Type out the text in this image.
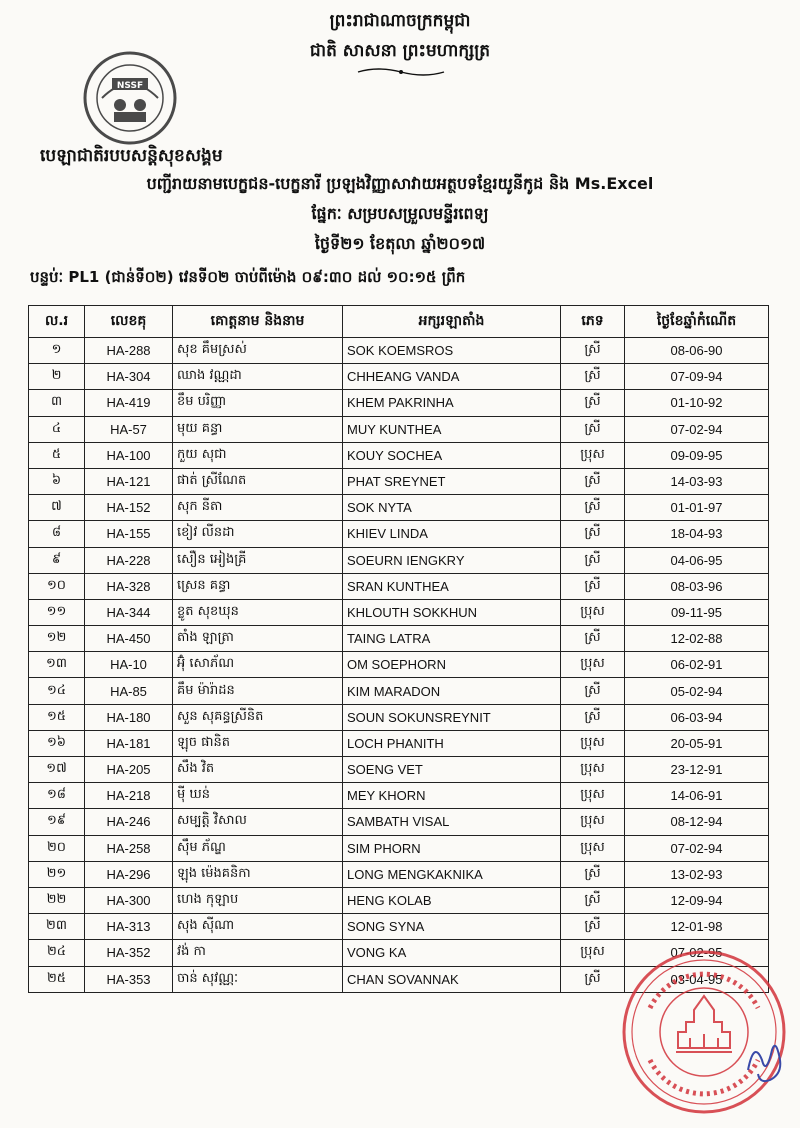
ព្រះរាជាណាចក្រកម្ពុជា
ជាតិ សាសនា ព្រះមហាក្សត្រ
NSSF
បេឡាជាតិរបបសន្តិសុខសង្គម
បញ្ជីរាយនាមបេក្ខជន-បេក្ខនារី ប្រឡងវិញ្ញាសាវាយអត្ថបទខ្មែរយូនីកូដ និង Ms.Excel
ផ្នែកៈ សម្របសម្រួលមន្ទីរពេទ្យ
ថ្ងៃទី២១ ខែតុលា ឆ្នាំ២០១៧
បន្ទប់ៈ PL1 (ជាន់ទី០២) វេនទី០២ ចាប់ពីម៉ោង ០៩:៣០ ដល់ ១០:១៥ ព្រឹក
ល.រ	លេខគុ	គោត្តនាម និងនាម	អក្សរឡាតាំង	ភេទ	ថ្ងៃខែឆ្នាំកំណើត
១	HA-288	សុខ គឹមស្រស់	SOK KOEMSROS	ស្រី	08-06-90
២	HA-304	ឈាង វណ្ណដា	CHHEANG VANDA	ស្រី	07-09-94
៣	HA-419	ខឹម បរិញ្ញា	KHEM PAKRINHA	ស្រី	01-10-92
៤	HA-57	មុយ គន្ធា	MUY KUNTHEA	ស្រី	07-02-94
៥	HA-100	កួយ សុជា	KOUY SOCHEA	ប្រុស	09-09-95
៦	HA-121	ផាត់ ស្រីណែត	PHAT SREYNET	ស្រី	14-03-93
៧	HA-152	សុក នីតា	SOK NYTA	ស្រី	01-01-97
៨	HA-155	ខៀវ លីនដា	KHIEV LINDA	ស្រី	18-04-93
៩	HA-228	សឿន អៀងគ្រី	SOEURN IENGKRY	ស្រី	04-06-95
១០	HA-328	ស្រេន គន្ធា	SRAN KUNTHEA	ស្រី	08-03-96
១១	HA-344	ខ្លូត សុខឃុន	KHLOUTH SOKKHUN	ប្រុស	09-11-95
១២	HA-450	តាំង ឡាត្រា	TAING LATRA	ស្រី	12-02-88
១៣	HA-10	អ៊ុំ សោភ័ណ	OM SOEPHORN	ប្រុស	06-02-91
១៤	HA-85	គឹម ម៉ារ៉ាដន	KIM MARADON	ស្រី	05-02-94
១៥	HA-180	សួន សុគន្ធស្រីនិត	SOUN SOKUNSREYNIT	ស្រី	06-03-94
១៦	HA-181	ឡុច ផានិត	LOCH PHANITH	ប្រុស	20-05-91
១៧	HA-205	សឹង វិត	SOENG VET	ប្រុស	23-12-91
១៨	HA-218	ម៉ី ឃន់	MEY KHORN	ប្រុស	14-06-91
១៩	HA-246	សម្បត្តិ វិសាល	SAMBATH VISAL	ប្រុស	08-12-94
២០	HA-258	ស៊ឹម ភ័ណ្ឌ	SIM PHORN	ប្រុស	07-02-94
២១	HA-296	ឡុង ម៉េងគនិកា	LONG MENGKAKNIKA	ស្រី	13-02-93
២២	HA-300	ហេង កុឡាប	HENG KOLAB	ស្រី	12-09-94
២៣	HA-313	សុង ស៊ីណា	SONG SYNA	ស្រី	12-01-98
២៤	HA-352	វង់ កា	VONG KA	ប្រុស	07-02-95
២៥	HA-353	ចាន់ សុវណ្ណៈ	CHAN SOVANNAK	ស្រី	03-04-95
